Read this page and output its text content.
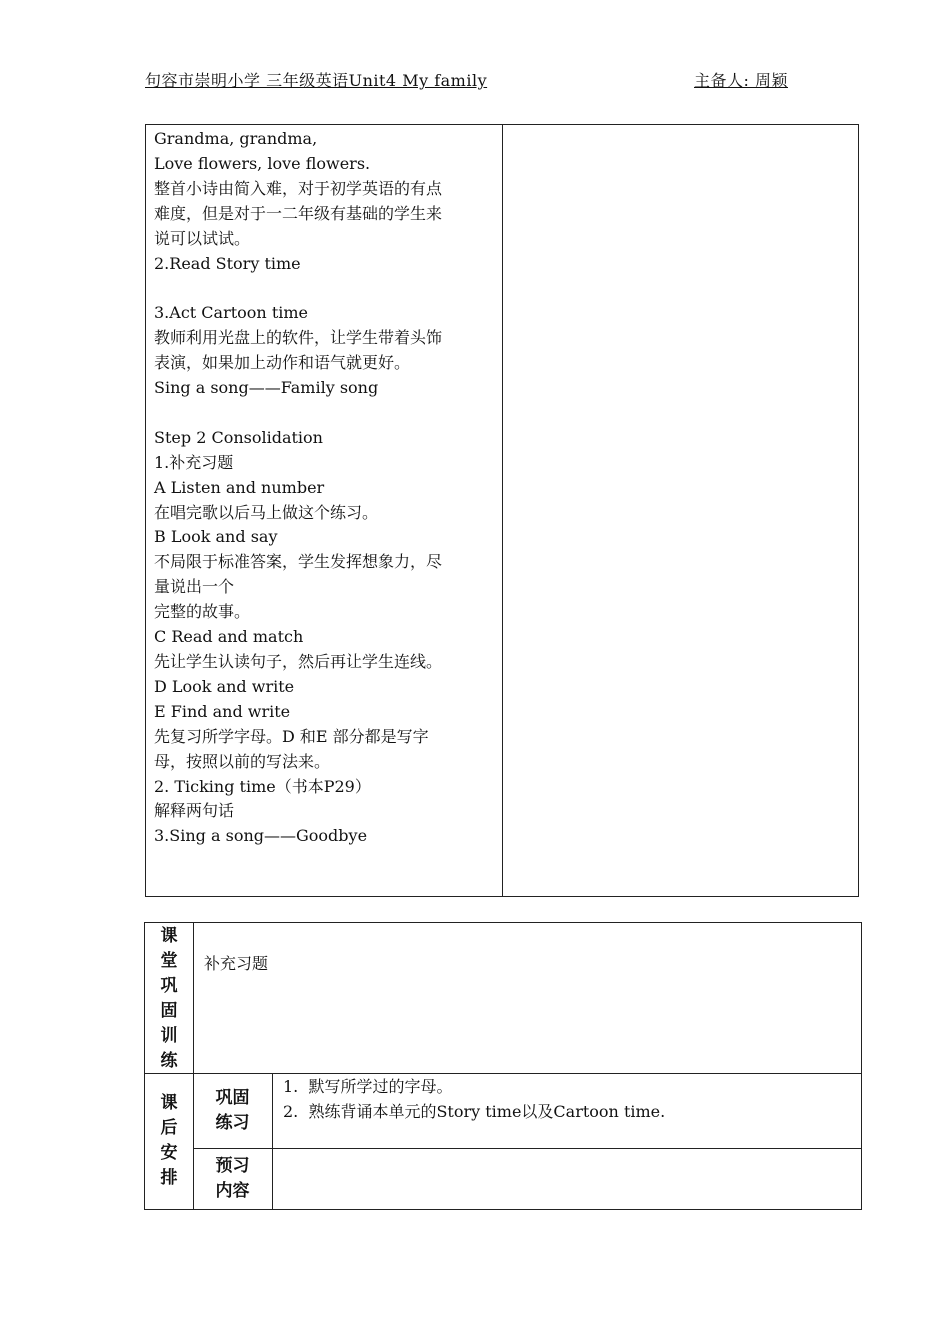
句容市崇明小学 三年级英语Unit4 My family	主备人: 周颖
Grandma, grandma,
Love flowers, love flowers.
整首小诗由简入难，对于初学英语的有点
难度，但是对于一二年级有基础的学生来
说可以试试。
2.Read Story time
3.Act Cartoon time
教师利用光盘上的软件，让学生带着头饰
表演，如果加上动作和语气就更好。
Sing a song——Family song
Step 2 Consolidation
1.补充习题
A Listen and number
在唱完歌以后马上做这个练习。
B Look and say
不局限于标准答案，学生发挥想象力，尽
量说出一个
完整的故事。
C Read and match
先让学生认读句子，然后再让学生连线。
D Look and write
E Find and write
先复习所学字母。D 和E 部分都是写字
母，按照以前的写法来。
2. Ticking time（书本P29）
解释两句话
3.Sing a song——Goodbye
课
堂
巩
固
训
练
补充习题
课
后
安
排
巩固
练习
1.  默写所学过的字母。
2.  熟练背诵本单元的Story time以及Cartoon time.
预习
内容
